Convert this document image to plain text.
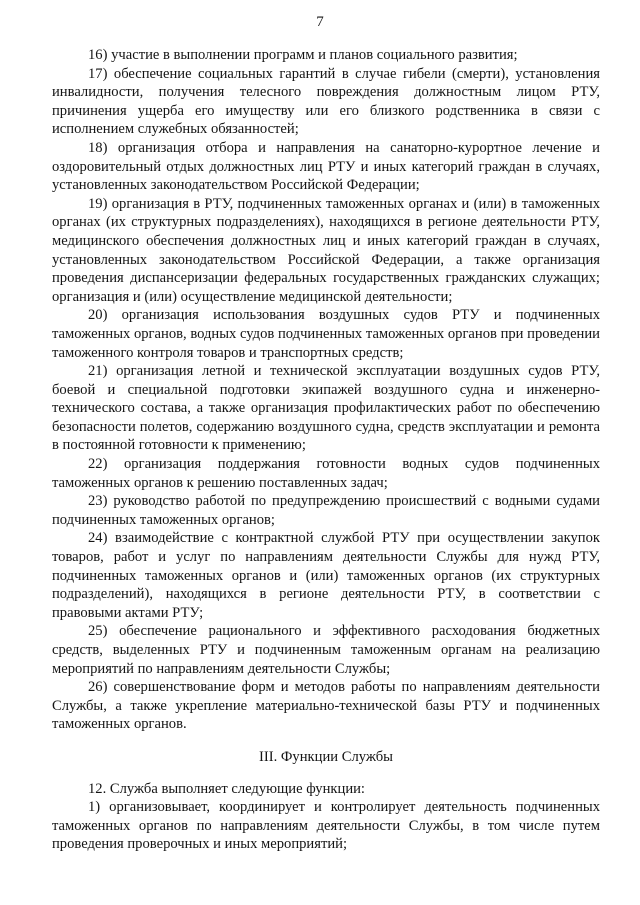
7

16) участие в выполнении программ и планов социального развития;

17) обеспечение социальных гарантий в случае гибели (смерти), установления инвалидности, получения телесного повреждения должностным лицом РТУ, причинения ущерба его имуществу или его близкого родственника в связи с исполнением служебных обязанностей;

18) организация отбора и направления на санаторно-курортное лечение и оздоровительный отдых должностных лиц РТУ и иных категорий граждан в случаях, установленных законодательством Российской Федерации;

19) организация в РТУ, подчиненных таможенных органах и (или) в таможенных органах (их структурных подразделениях), находящихся в регионе деятельности РТУ, медицинского обеспечения должностных лиц и иных категорий граждан в случаях, установленных законодательством Российской Федерации, а также организация проведения диспансеризации федеральных государственных гражданских служащих; организация и (или) осуществление медицинской деятельности;

20) организация использования воздушных судов РТУ и подчиненных таможенных органов, водных судов подчиненных таможенных органов при проведении таможенного контроля товаров и транспортных средств;

21) организация летной и технической эксплуатации воздушных судов РТУ, боевой и специальной подготовки экипажей воздушного судна и инженерно-технического состава, а также организация профилактических работ по обеспечению безопасности полетов, содержанию воздушного судна, средств эксплуатации и ремонта в постоянной готовности к применению;

22) организация поддержания готовности водных судов подчиненных таможенных органов к решению поставленных задач;

23) руководство работой по предупреждению происшествий с водными судами подчиненных таможенных органов;

24) взаимодействие с контрактной службой РТУ при осуществлении закупок товаров, работ и услуг по направлениям деятельности Службы для нужд РТУ, подчиненных таможенных органов и (или) таможенных органов (их структурных подразделений), находящихся в регионе деятельности РТУ, в соответствии с правовыми актами РТУ;

25) обеспечение рационального и эффективного расходования бюджетных средств, выделенных РТУ и подчиненным таможенным органам на реализацию мероприятий по направлениям деятельности Службы;

26) совершенствование форм и методов работы по направлениям деятельности Службы, а также укрепление материально-технической базы РТУ и подчиненных таможенных органов.

III. Функции Службы

12. Служба выполняет следующие функции:

1) организовывает, координирует и контролирует деятельность подчиненных таможенных органов по направлениям деятельности Службы, в том числе путем проведения проверочных и иных мероприятий;
